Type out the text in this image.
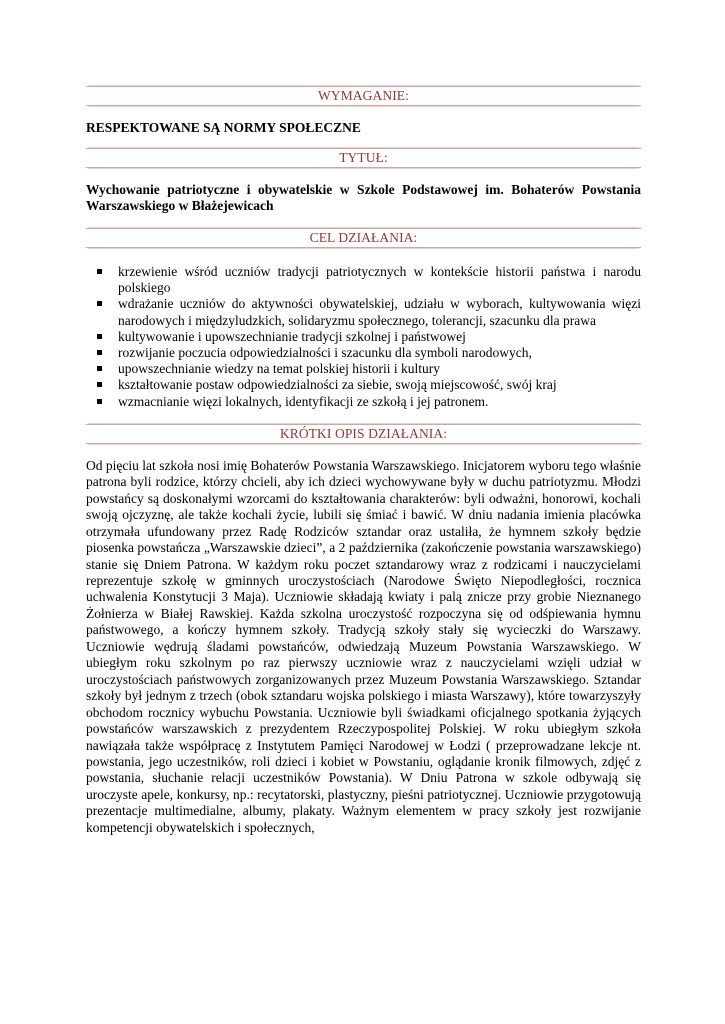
WYMAGANIE:
RESPEKTOWANE SĄ NORMY SPOŁECZNE
TYTUŁ:
Wychowanie patriotyczne i obywatelskie w Szkole Podstawowej im. Bohaterów Powstania Warszawskiego w Błażejewicach
CEL DZIAŁANIA:
krzewienie wśród uczniów tradycji patriotycznych w kontekście historii państwa i narodu polskiego
wdrażanie uczniów do aktywności obywatelskiej, udziału w wyborach, kultywowania więzi narodowych i międzyludzkich, solidaryzmu społecznego, tolerancji, szacunku dla prawa
kultywowanie i upowszechnianie tradycji szkolnej i państwowej
rozwijanie poczucia odpowiedzialności i szacunku dla symboli narodowych,
upowszechnianie wiedzy na temat polskiej historii i kultury
kształtowanie postaw odpowiedzialności za siebie, swoją miejscowość, swój kraj
wzmacnianie więzi lokalnych, identyfikacji ze szkołą i jej patronem.
KRÓTKI OPIS DZIAŁANIA:
Od pięciu lat szkoła nosi imię Bohaterów Powstania Warszawskiego. Inicjatorem wyboru tego właśnie patrona byli rodzice, którzy chcieli, aby ich dzieci wychowywane były w duchu patriotyzmu. Młodzi powstańcy są doskonałymi wzorcami do kształtowania charakterów: byli odważni, honorowi, kochali swoją ojczyznę, ale także kochali życie, lubili się śmiać i bawić. W dniu nadania imienia placówka otrzymała ufundowany przez Radę Rodziców sztandar oraz ustaliła, że hymnem szkoły będzie piosenka powstańcza „Warszawskie dzieci”, a 2 października (zakończenie powstania warszawskiego) stanie się Dniem Patrona. W każdym roku poczet sztandarowy wraz z rodzicami i nauczycielami reprezentuje szkołę w gminnych uroczystościach (Narodowe Święto Niepodległości, rocznica uchwalenia Konstytucji 3 Maja). Uczniowie składają kwiaty i palą znicze przy grobie Nieznanego Żołnierza w Białej Rawskiej. Każda szkolna uroczystość rozpoczyna się od odśpiewania hymnu państwowego, a kończy hymnem szkoły. Tradycją szkoły stały się wycieczki do Warszawy. Uczniowie wędrują śladami powstańców, odwiedzają Muzeum Powstania Warszawskiego. W ubiegłym roku szkolnym po raz pierwszy uczniowie wraz z nauczycielami wzięli udział w uroczystościach państwowych zorganizowanych przez Muzeum Powstania Warszawskiego. Sztandar szkoły był jednym z trzech (obok sztandaru wojska polskiego i miasta Warszawy), które towarzyszyły obchodom rocznicy wybuchu Powstania. Uczniowie byli świadkami oficjalnego spotkania żyjących powstańców warszawskich z prezydentem Rzeczypospolitej Polskiej. W roku ubiegłym szkoła nawiązała także współpracę z Instytutem Pamięci Narodowej w Łodzi ( przeprowadzane lekcje nt. powstania, jego uczestników, roli dzieci i kobiet w Powstaniu, oglądanie kronik filmowych, zdjęć z powstania, słuchanie relacji uczestników Powstania). W Dniu Patrona w szkole odbywają się uroczyste apele, konkursy, np.: recytatorski, plastyczny, pieśni patriotycznej. Uczniowie przygotowują prezentacje multimedialne, albumy, plakaty. Ważnym elementem w pracy szkoły jest rozwijanie kompetencji obywatelskich i społecznych,
